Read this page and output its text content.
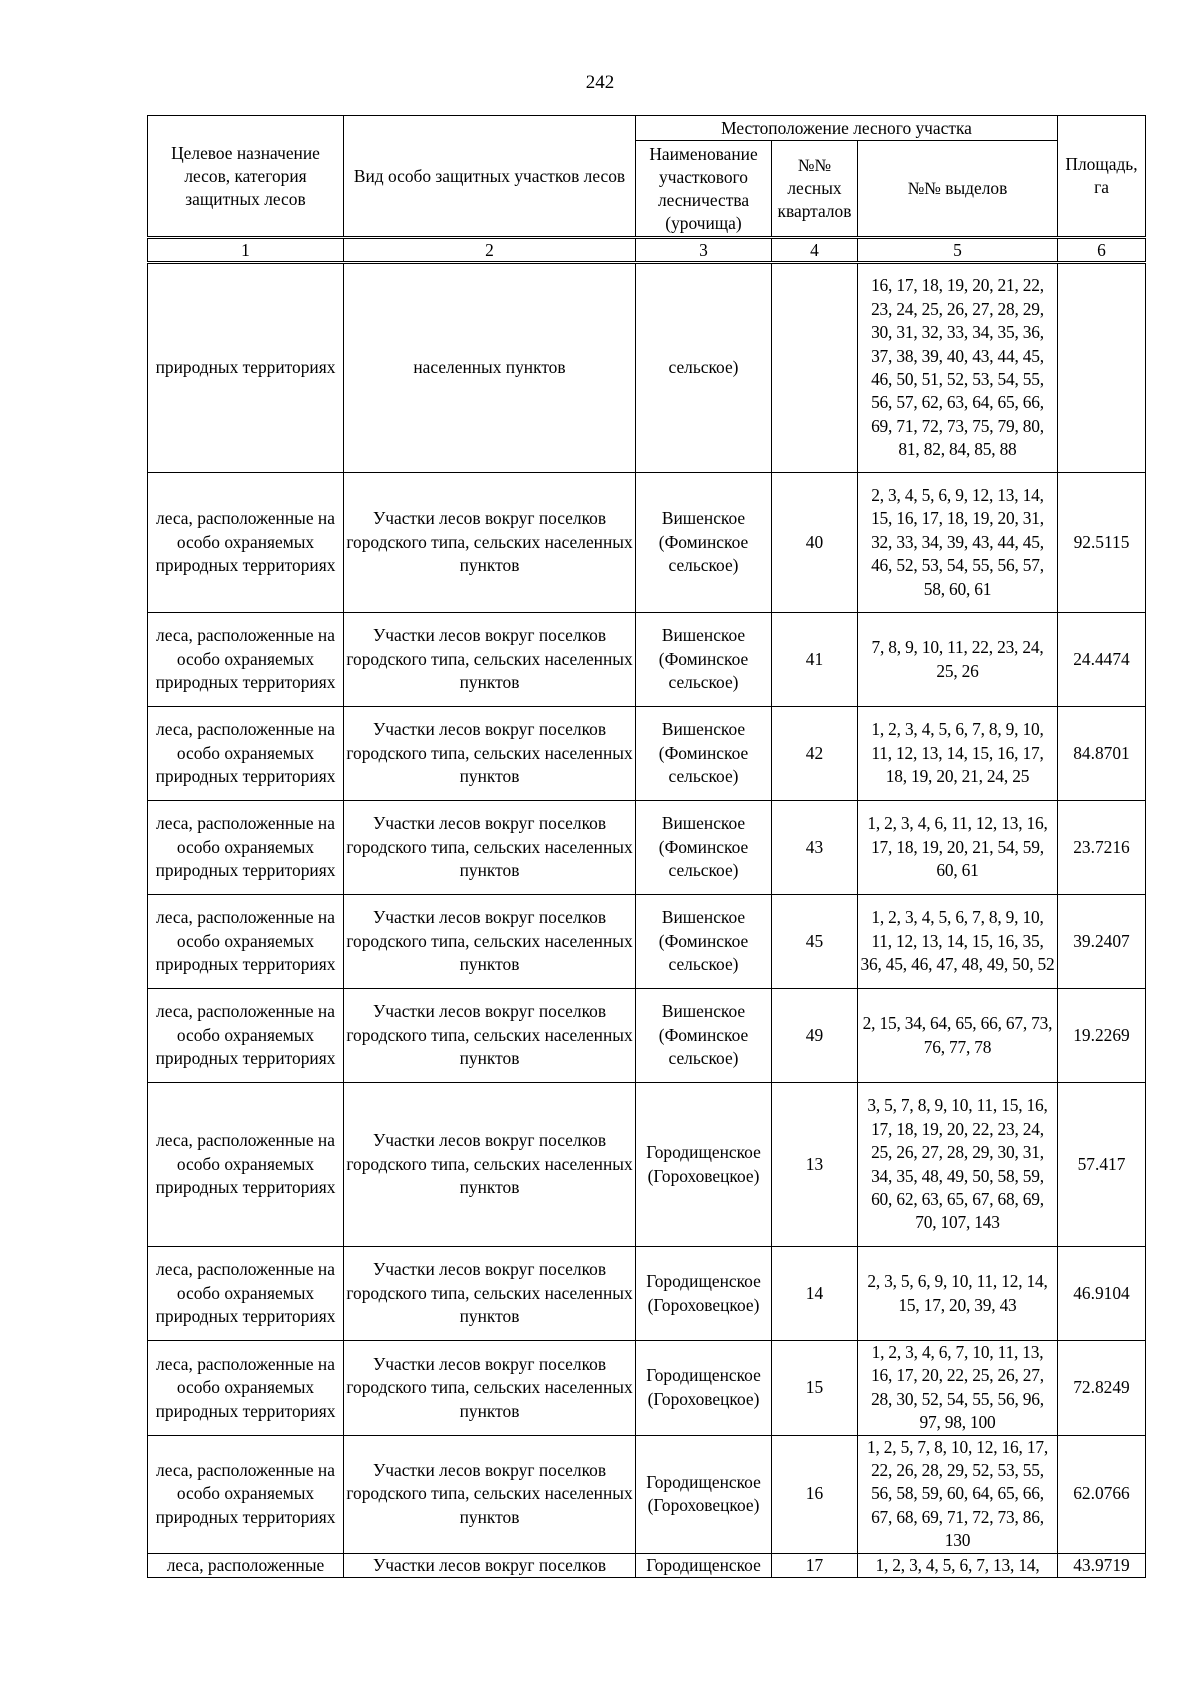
242
Целевое назначение лесов, категория защитных лесов	Вид особо защитных участков лесов	Местоположение лесного участка			Площадь, га
		Наименование участкового лесничества (урочища)	№№ лесных кварталов	№№ выделов	
1	2	3	4	5	6
природных территориях	населенных пунктов	сельское)		16, 17, 18, 19, 20, 21, 22, 23, 24, 25, 26, 27, 28, 29, 30, 31, 32, 33, 34, 35, 36, 37, 38, 39, 40, 43, 44, 45, 46, 50, 51, 52, 53, 54, 55, 56, 57, 62, 63, 64, 65, 66, 69, 71, 72, 73, 75, 79, 80, 81, 82, 84, 85, 88	
леса, расположенные на особо охраняемых природных территориях	Участки лесов вокруг поселков городского типа, сельских населенных пунктов	Вишенское (Фоминское сельское)	40	2, 3, 4, 5, 6, 9, 12, 13, 14, 15, 16, 17, 18, 19, 20, 31, 32, 33, 34, 39, 43, 44, 45, 46, 52, 53, 54, 55, 56, 57, 58, 60, 61	92.5115
леса, расположенные на особо охраняемых природных территориях	Участки лесов вокруг поселков городского типа, сельских населенных пунктов	Вишенское (Фоминское сельское)	41	7, 8, 9, 10, 11, 22, 23, 24, 25, 26	24.4474
леса, расположенные на особо охраняемых природных территориях	Участки лесов вокруг поселков городского типа, сельских населенных пунктов	Вишенское (Фоминское сельское)	42	1, 2, 3, 4, 5, 6, 7, 8, 9, 10, 11, 12, 13, 14, 15, 16, 17, 18, 19, 20, 21, 24, 25	84.8701
леса, расположенные на особо охраняемых природных территориях	Участки лесов вокруг поселков городского типа, сельских населенных пунктов	Вишенское (Фоминское сельское)	43	1, 2, 3, 4, 6, 11, 12, 13, 16, 17, 18, 19, 20, 21, 54, 59, 60, 61	23.7216
леса, расположенные на особо охраняемых природных территориях	Участки лесов вокруг поселков городского типа, сельских населенных пунктов	Вишенское (Фоминское сельское)	45	1, 2, 3, 4, 5, 6, 7, 8, 9, 10, 11, 12, 13, 14, 15, 16, 35, 36, 45, 46, 47, 48, 49, 50, 52	39.2407
леса, расположенные на особо охраняемых природных территориях	Участки лесов вокруг поселков городского типа, сельских населенных пунктов	Вишенское (Фоминское сельское)	49	2, 15, 34, 64, 65, 66, 67, 73, 76, 77, 78	19.2269
леса, расположенные на особо охраняемых природных территориях	Участки лесов вокруг поселков городского типа, сельских населенных пунктов	Городищенское (Гороховецкое)	13	3, 5, 7, 8, 9, 10, 11, 15, 16, 17, 18, 19, 20, 22, 23, 24, 25, 26, 27, 28, 29, 30, 31, 34, 35, 48, 49, 50, 58, 59, 60, 62, 63, 65, 67, 68, 69, 70, 107, 143	57.417
леса, расположенные на особо охраняемых природных территориях	Участки лесов вокруг поселков городского типа, сельских населенных пунктов	Городищенское (Гороховецкое)	14	2, 3, 5, 6, 9, 10, 11, 12, 14, 15, 17, 20, 39, 43	46.9104
леса, расположенные на особо охраняемых природных территориях	Участки лесов вокруг поселков городского типа, сельских населенных пунктов	Городищенское (Гороховецкое)	15	1, 2, 3, 4, 6, 7, 10, 11, 13, 16, 17, 20, 22, 25, 26, 27, 28, 30, 52, 54, 55, 56, 96, 97, 98, 100	72.8249
леса, расположенные на особо охраняемых природных территориях	Участки лесов вокруг поселков городского типа, сельских населенных пунктов	Городищенское (Гороховецкое)	16	1, 2, 5, 7, 8, 10, 12, 16, 17, 22, 26, 28, 29, 52, 53, 55, 56, 58, 59, 60, 64, 65, 66, 67, 68, 69, 71, 72, 73, 86, 130	62.0766
леса, расположенные	Участки лесов вокруг поселков	Городищенское	17	1, 2, 3, 4, 5, 6, 7, 13, 14,	43.9719
